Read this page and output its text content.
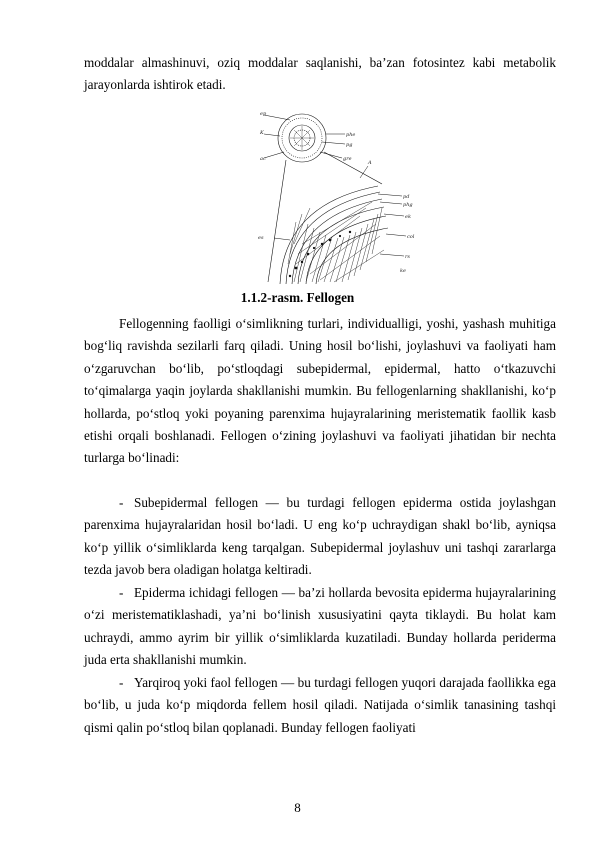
moddalar almashinuvi, oziq moddalar saqlanishi, ba’zan fotosintez kabi metabolik jarayonlarda ishtirok etadi.

ep
K
ac
phe
pg
gre
A
pd
phg
ek
col
es
rs
ke
1.1.2-rasm. Fellogen

Fellogenning faolligi o‘simlikning turlari, individualligi, yoshi, yashash muhitiga bog‘liq ravishda sezilarli farq qiladi. Uning hosil bo‘lishi, joylashuvi va faoliyati ham o‘zgaruvchan bo‘lib, po‘stloqdagi subepidermal, epidermal, hatto o‘tkazuvchi to‘qimalarga yaqin joylarda shakllanishi mumkin. Bu fellogenlarning shakllanishi, ko‘p hollarda, po‘stloq yoki poyaning parenxima hujayralarining meristematik faollik kasb etishi orqali boshlanadi. Fellogen o‘zining joylashuvi va faoliyati jihatidan bir nechta turlarga bo‘linadi:

- Subepidermal fellogen — bu turdagi fellogen epiderma ostida joylashgan parenxima hujayralaridan hosil bo‘ladi. U eng ko‘p uchraydigan shakl bo‘lib, ayniqsa ko‘p yillik o‘simliklarda keng tarqalgan. Subepidermal joylashuv uni tashqi zararlarga tezda javob bera oladigan holatga keltiradi.

- Epiderma ichidagi fellogen — ba’zi hollarda bevosita epiderma hujayralarining o‘zi meristematiklashadi, ya’ni bo‘linish xususiyatini qayta tiklaydi. Bu holat kam uchraydi, ammo ayrim bir yillik o‘simliklarda kuzatiladi. Bunday hollarda periderma juda erta shakllanishi mumkin.

- Yarqiroq yoki faol fellogen — bu turdagi fellogen yuqori darajada faollikka ega bo‘lib, u juda ko‘p miqdorda fellem hosil qiladi. Natijada o‘simlik tanasining tashqi qismi qalin po‘stloq bilan qoplanadi. Bunday fellogen faoliyati

8
